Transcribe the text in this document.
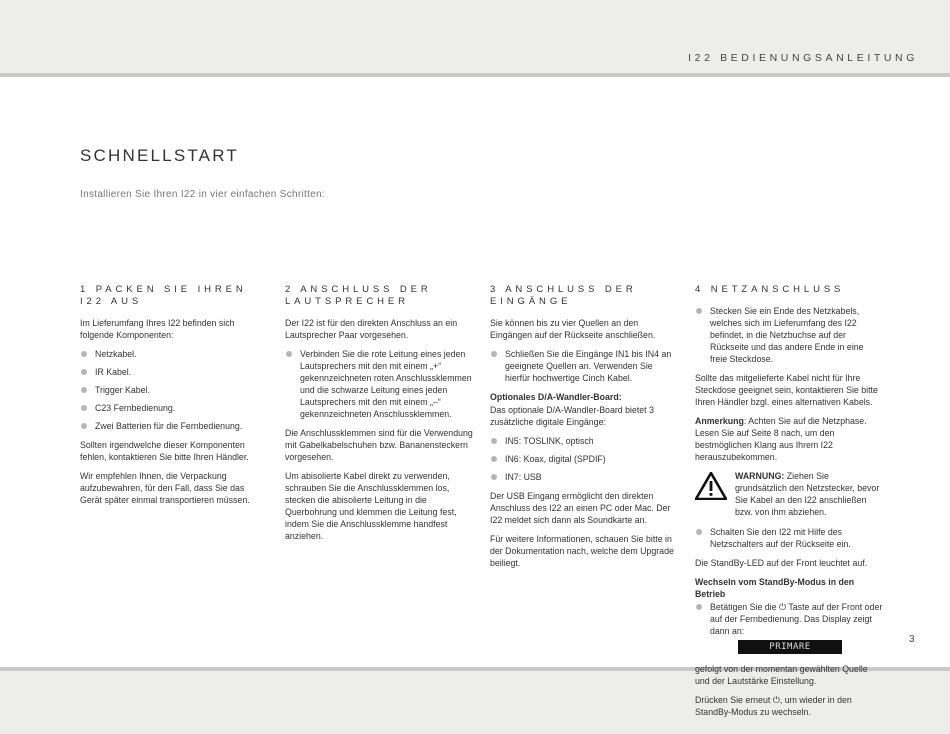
I22 BEDIENUNGSANLEITUNG
SCHNELLSTART

Installieren Sie Ihren I22 in vier einfachen Schritten:

1 PACKEN SIE IHREN I22 AUS

Im Lieferumfang Ihres I22 befinden sich folgende Komponenten:

Netzkabel.
IR Kabel.
Trigger Kabel.
C23 Fernbedienung.
Zwei Batterien für die Fernbedienung.

Sollten irgendwelche dieser Komponenten fehlen, kontaktieren Sie bitte Ihren Händler.

Wir empfehlen Ihnen, die Verpackung aufzubewahren, für den Fall, dass Sie das Gerät später einmal transportieren müssen.

2 ANSCHLUSS DER LAUTSPRECHER

Der I22 ist für den direkten Anschluss an ein Lautsprecher Paar vorgesehen.

Verbinden Sie die rote Leitung eines jeden Lautsprechers mit den mit einem „+“ gekennzeichneten roten Anschlussklemmen und die schwarze Leitung eines jeden Lautsprechers mit den mit einem „–“ gekennzeichneten Anschlussklemmen.

Die Anschlussklemmen sind für die Verwendung mit Gabelkabelschuhen bzw. Bananensteckern vorgesehen.

Um abisolierte Kabel direkt zu verwenden, schrauben Sie die Anschlussklemmen los, stecken die abisolierte Leitung in die Querbohrung und klemmen die Leitung fest, indem Sie die Anschlussklemme handfest anziehen.

3 ANSCHLUSS DER EINGÄNGE

Sie können bis zu vier Quellen an den Eingängen auf der Rückseite anschließen.

Schließen Sie die Eingänge IN1 bis IN4 an geeignete Quellen an. Verwenden Sie hierfür hochwertige Cinch Kabel.

Optionales D/A-Wandler-Board:

Das optionale D/A-Wandler-Board bietet 3 zusätzliche digitale Eingänge:

IN5: TOSLINK, optisch
IN6: Koax, digital (SPDIF)
IN7: USB

Der USB Eingang ermöglicht den direkten Anschluss des I22 an einen PC oder Mac. Der I22 meldet sich dann als Soundkarte an.

Für weitere Informationen, schauen Sie bitte in der Dokumentation nach, welche dem Upgrade beiliegt.

4 NETZANSCHLUSS
Stecken Sie ein Ende des Netzkabels, welches sich im Lieferumfang des I22 befindet, in die Netzbuchse auf der Rückseite und das andere Ende in eine freie Steckdose.

Sollte das mitgelieferte Kabel nicht für Ihre Steckdose geeignet sein, kontaktieren Sie bitte Ihren Händler bzgl. eines alternativen Kabels.

Anmerkung: Achten Sie auf die Netzphase. Lesen Sie auf Seite 8 nach, um den bestmöglichen Klang aus Ihrem I22 herauszubekommen.

WARNUNG: Ziehen Sie grundsätzlich den Netzstecker, bevor Sie Kabel an den I22 anschließen bzw. von ihm abziehen.
Schalten Sie den I22 mit Hilfe des Netzschalters auf der Rückseite ein.

Die StandBy-LED auf der Front leuchtet auf.

Wechseln vom StandBy-Modus in den Betrieb

Betätigen Sie die ⏻ Taste auf der Front oder auf der Fernbedienung. Das Display zeigt dann an:
PRIMARE

gefolgt von der momentan gewählten Quelle und der Lautstärke Einstellung.

Drücken Sie erneut ⏻, um wieder in den StandBy-Modus zu wechseln.

3
